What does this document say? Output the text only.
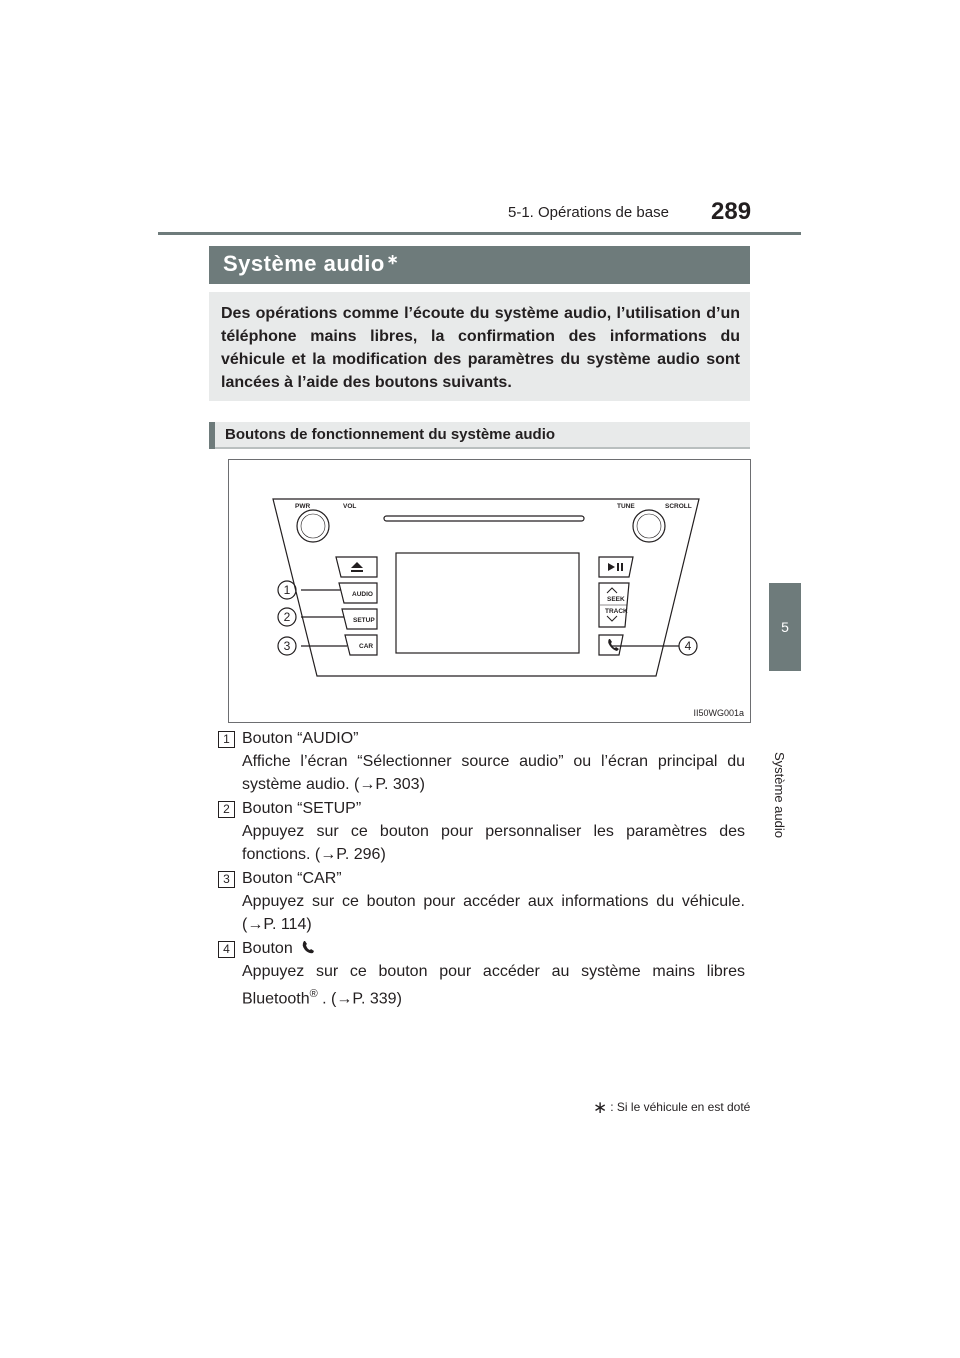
5-1. Opérations de base 289
5
Système audio
Système audio ∗
Des opérations comme l’écoute du système audio, l’utilisation d’un téléphone mains libres, la confirmation des informations du véhicule et la modification des paramètres du système audio sont lancées à l’aide des boutons suivants.
Boutons de fonctionnement du système audio
PWR	VOL	TUNE	SCROLL
AUDIO
SETUP
CAR
SEEK
TRACK
1
2
3	4
II50WG001a
1 Bouton “AUDIO”
Affiche l’écran “Sélectionner source audio” ou l’écran principal du système audio. (→P. 303)
2 Bouton “SETUP”
Appuyez sur ce bouton pour personnaliser les paramètres des fonctions. (→P. 296)
3 Bouton “CAR”
Appuyez sur ce bouton pour accéder aux informations du véhicule. (→P. 114)
4 Bouton
Appuyez sur ce bouton pour accéder au système mains libres Bluetooth® . (→P. 339)
∗ : Si le véhicule en est doté
